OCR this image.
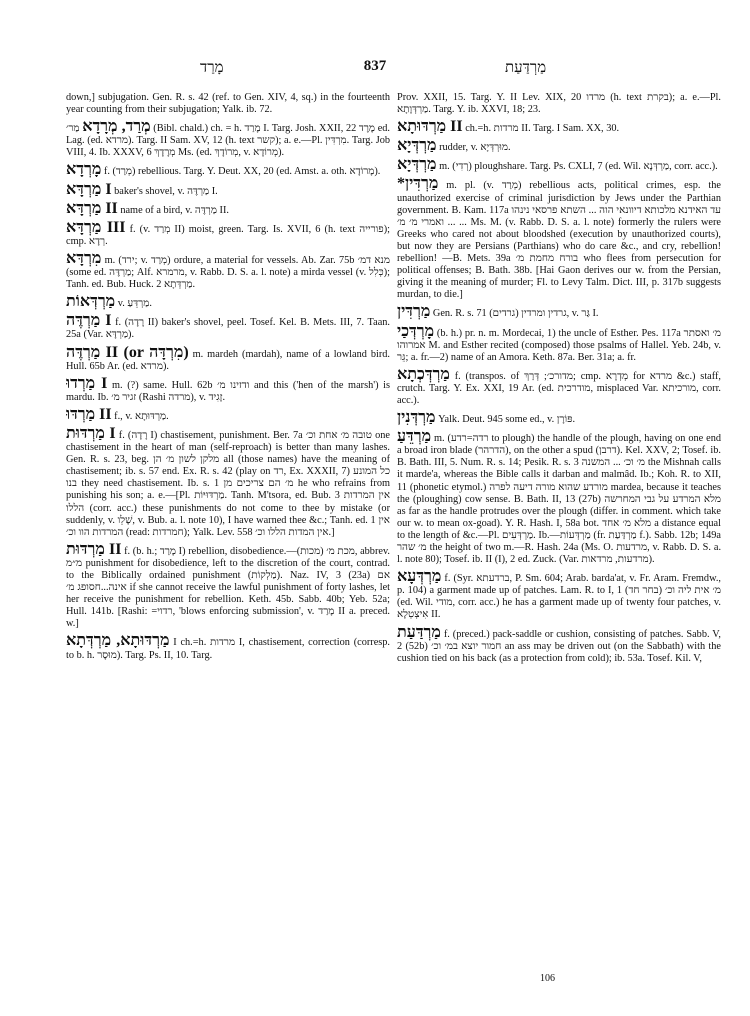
מָרַד	837	מַרְדַּעַת
down,] subjugation. Gen. R. s. 42 (ref. to Gen. XIV, 4, sq.) in the fourteenth year counting from their subjugation; Yalk. ib. 72.
מְרַד, מְרָדָא מַר׳ (Bibl. chald.) ch. = h. מָרַד I. Targ. Josh. XXII, 22 מֶרֶד ed. Lag. (ed. מרדא). Targ. II Sam. XV, 12 (h. text קשר); a. e.—Pl. מִרְדִּין. Targ. Job VIII, 4. Ib. XXXV, 6 מְרָדָךְ Ms. (ed. מְרוֹדָךְ, v. מְרוֹדָא).
מָרְדָא f. (מְרַד) rebellious. Targ. Y. Deut. XX, 20 (ed. Amst. a. oth. מָרוֹדָא).
מַרְדָּא I baker's shovel, v. מַרְדֶּה I.
מַרְדָּא II name of a bird, v. מַרְדֶּה II.
מַרְדָּא III f. (v. מְרַד II) moist, green. Targ. Is. XVII, 6 (h. text פורייה); cmp. רְדָא.
מִרְדָּא m. (ירד; v. מְרַד) ordure, a material for vessels. Ab. Zar. 75b מנא דמ׳ (some ed. מַרְדֶּה; Alf. מרמרא, v. Rabb. D. S. a. l. note) a mirda vessel (v. כְּלִל); Tanh. ed. Bub. Huck. 2 מַרְדְּתָא.
מַרְדְּאוֹת v. מַרְדֵּעַ.
מַרְדֶּה I f. (רָדָה II) baker's shovel, peel. Tosef. Kel. B. Mets. III, 7. Taan. 25a (Var. מַרְדָּא).
מַרְדֶּה II (or מִרְדָּה) m. mardeh (mardah), name of a lowland bird. Hull. 65b Ar. (ed. מרדא).
מַרְדוּ I m. (?) same. Hull. 62b ודזינו מ׳ and this ('hen of the marsh') is mardu. Ib. זגיר מ׳ (Rashi מרדה), v. זָגִיד.
מַרְדּוּ II f., v. מַרְדּוּתָא.
מַרְדּוּת I f. (רָדָה I) chastisement, punishment. Ber. 7a טובה מ׳ אחת וכ׳ one chastisement in the heart of man (self-reproach) is better than many lashes. Gen. R. s. 23, beg. מלקן לשון מ׳ הן all (those names) have the meaning of chastisement; ib. s. 57 end. Ex. R. s. 42 (play on רד, Ex. XXXII, 7) כל המונע בנו they need chastisement. Ib. s. 1 מ׳ הם צריכים מן he who refrains from punishing his son; a. e.—[Pl. מַרְדּוּיּוֹת. Tanh. M'tsora, ed. Bub. 3 אין המרדות הללו (corr. acc.) these punishments do not come to thee by mistake (or suddenly, v. שָׁלֵו, v. Bub. a. l. note 10), I have warned thee &c.; Tanh. ed. 1 אין המרדות הוו וכ׳ (read: חמרדות); Yalk. Lev. 558 אין המדות הללו וכ׳.]
מַרְדּוּת II f. (b. h.; מָרַד I) rebellion, disobedience.—מכת מ׳ (מכות), abbrev. מ״מ punishment for disobedience, left to the discretion of the court, contrad. to the Biblically ordained punishment (מַלְקוֹת). Naz. IV, 3 (23a) אם אינה...חסופג מ׳ if she cannot receive the lawful punishment of forty lashes, let her receive the punishment for rebellion. Keth. 45b. Sabb. 40b; Yeb. 52a; Hull. 141b. [Rashi: =רדוי, 'blows enforcing submission', v. מָרַד II a. preced. w.]
מַרְדּוּתָא, מַרְדְּתָא I ch.=h. מרדות I, chastisement, correction (corresp. to b. h. מוּסָר). Targ. Ps. II, 10. Targ.
Prov. XXII, 15. Targ. Y. II Lev. XIX, 20 מרדו (h. text בקרת); a. e.—Pl. מַרְדְּוָתָא. Targ. Y. ib. XXVI, 18; 23.
מַרְדּוּתָא II ch.=h. מרדות II. Targ. I Sam. XX, 30.
מַרְדְּיָא rudder, v. מוּרְדְּיָא.
מַרְדְּיָא m. (רְדִי) ploughshare. Targ. Ps. CXLI, 7 (ed. Wil. מַרְדְּנָא, corr. acc.).
*מַרְדִּין m. pl. (v. מְרַד) rebellious acts, political crimes, esp. the unauthorized exercise of criminal jurisdiction by Jews under the Parthian government. B. Kam. 117a עד האידנא מלכותא דיוונאי הוה ... השתא פרסאי נינהו ... ואמרי מ׳ מ׳ ... Ms. M. (v. Rabb. D. S. a. l. note) formerly the rulers were Greeks who cared not about bloodshed (execution by unauthorized courts), but now they are Persians (Parthians) who do care &c., and cry, rebellion! rebellion! —B. Mets. 39a בורח מחמת מ׳ who flees from persecution for political offenses; B. Bath. 38b. [Hai Gaon derives our w. from the Persian, giving it the meaning of murder; Fl. to Levy Talm. Dict. III, p. 317b suggests murdan, to die.]
מַרְדִּין Gen. R. s. 71 (גרדים) גרדין ומרדין, v. גַּר I.
מָרְדְּכַי (b. h.) pr. n. m. Mordecai, 1) the uncle of Esther. Pes. 117a מ׳ ואסתר אמרוהו M. and Esther recited (composed) those psalms of Hallel. Yeb. 24b, v. גֵּר; a. fr.—2) name of an Amora. Keth. 87a. Ber. 31a; a. fr.
מַרְדְּכְתָא f. (transpos. of מדורכ׳; דְּרַךְ; cmp. מְדְרָא for מרדא &c.) staff, crutch. Targ. Y. Ex. XXI, 19 Ar. (ed. מודרכית, misplaced Var. מורכיתא, corr. acc.).
מַרְדְּנִין Yalk. Deut. 945 some ed., v. פּוֹרָן.
מַרְדֵּעַ m. (רדה=רדע to plough) the handle of the plough, having on one end a broad iron blade (הדרהר), on the other a spud (דרבן). Kel. XXV, 2; Tosef. ib. B. Bath. III, 5. Num. R. s. 14; Pesik. R. s. 3 מ׳ וכ׳ ... המשנה the Mishnah calls it marde'a, whereas the Bible calls it darban and malmâd. Ib.; Koh. R. to XII, 11 (phonetic etymol.) מורדע שהוא מורה דיעה לפרה mardea, because it teaches the (ploughing) cow sense. B. Bath. II, 13 (27b) מלא המרדע על גבי המחרשה as far as the handle protrudes over the plough (differ. in comment. which take our w. to mean ox-goad). Y. R. Hash. I, 58a bot. מלא מ׳ אחד a distance equal to the length of &c.—Pl. מַרְדְּעִים. Ib.—מַרְדְּעוֹת (fr. מַרְדַּעַת f.). Sabb. 12b; 149a מ׳ שהר the height of two m.—R. Hash. 24a (Ms. O. מרדעות, v. Rabb. D. S. a. l. note 80); Tosef. ib. II (I), 2 ed. Zuck. (Var. מרדעות, מרדאות).
מַרְדְּעָא f. (Syr. ברדעתא, P. Sm. 604; Arab. barda'at, v. Fr. Aram. Fremdw., p. 104) a garment made up of patches. Lam. R. to I, 1 (בחר חד) מ׳ אית ליה וכ׳ (ed. Wil. מודי, corr. acc.) he has a garment made up of twenty four patches, v. אִיצְטְלָא II.
מַרְדַּעַת f. (preced.) pack-saddle or cushion, consisting of patches. Sabb. V, 2 (52b) חמור יוצא במ׳ וכ׳ an ass may be driven out (on the Sabbath) with the cushion tied on his back (as a protection from cold); ib. 53a. Tosef. Kil. V,
106
